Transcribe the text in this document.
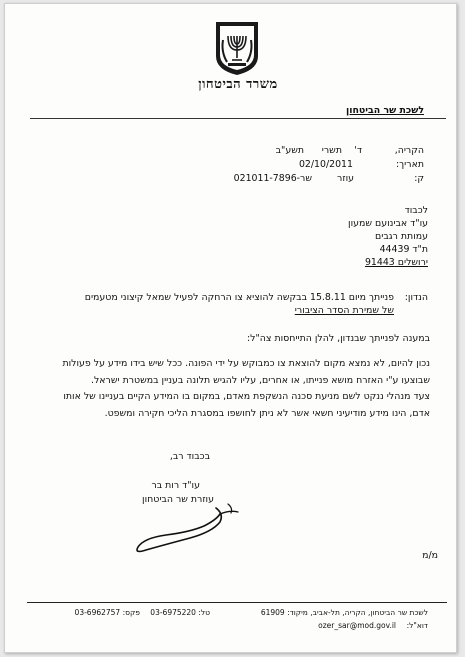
משרד הביטחון
לשכת שר הביטחון
הקריה,
ד'
תשרי
תשע"ב
תאריך:
02/10/2011
ק:
עוזר
שר-021011-7896
לכבוד
עו"ד אבינועם שמעון
עמותת רגבים
ת"ד 44439
ירושלים 91443
הנדון:
פנייתך מיום 15.8.11 בבקשה להוציא צו הרחקה לפעיל שמאל קיצוני מטעמים
של שמירת הסדר הציבורי
במענה לפנייתך שבנדון, להלן התייחסות צה"ל:
נכון להיום, לא נמצא מקום להוצאת צו כמבוקש על ידי הפונה. ככל שיש בידו מידע על פעולות
שבוצעו ע"י האזרח מושא פנייתו, או אחרים, עליו להגיש תלונה בעניין במשטרת ישראל.
צעד מנהלי ננקט לשם מניעת סכנה הנשקפת מאדם, במקום בו המידע הקיים בעניינו של אותו
אדם, הינו מידע מודיעיני חשאי אשר לא ניתן לחושפו במסגרת הליכי חקירה ומשפט.
בכבוד רב,
עו"ד רות בר
עוזרת שר הביטחון
מ/מ
לשכת שר הביטחון, הקריה, תל-אביב, מיקוד: 61909
טל: 03-6975220
פקס: 03-6962757
דוא"ל:
ozer_sar@mod.gov.il
